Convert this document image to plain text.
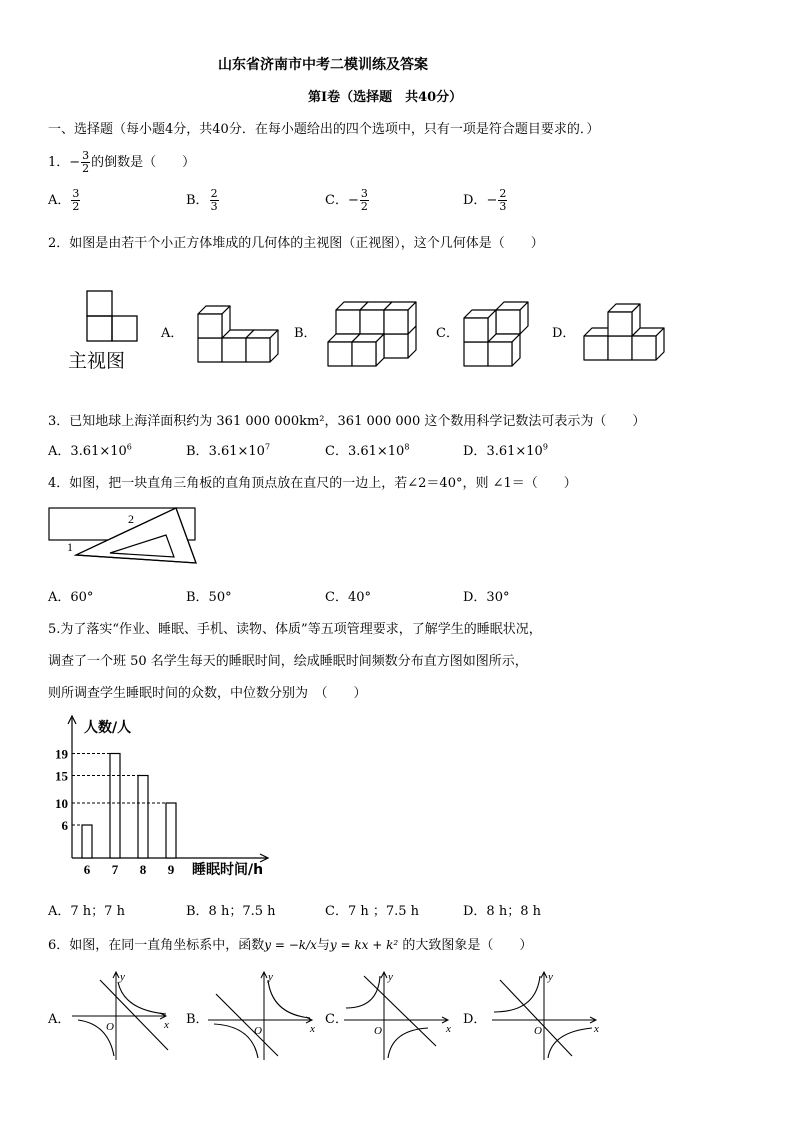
山东省济南市中考二模训练及答案
第Ⅰ卷（选择题　共40分）
一、选择题（每小题4分，共40分．在每小题给出的四个选项中，只有一项是符合题目要求的．）
1．− $\frac{3}{2}$ 的倒数是（　　）
A． $\frac{3}{2}$	B． $\frac{2}{3}$	C．− $\frac{3}{2}$	D．− $\frac{2}{3}$
2．如图是由若干个小正方体堆成的几何体的主视图（正视图），这个几何体是（　　）
主视图
A．	B．	C．	D．
3．已知地球上海洋面积约为 361 000 000km²，361 000 000 这个数用科学记数法可表示为（　　）
A．$3.61\times 10^6$	B．$3.61\times 10^7$	C．$3.61\times 10^8$	D．$3.61\times 10^9$
4．如图，把一块直角三角板的直角顶点放在直尺的一边上，若∠2＝40°，则 ∠1＝（　　）
2
1
A．60°	B．50°	C．40°	D．30°
5.为了落实“作业、睡眠、手机、读物、体质”等五项管理要求，了解学生的睡眠状况，
调查了一个班 50 名学生每天的睡眠时间，绘成睡眠时间频数分布直方图如图所示，
则所调查学生睡眠时间的众数，中位数分别为　（　　）
人数/人
睡眠时间/h
6 7 8 9
6
10
15
19
A．7 h；7 h	B．8 h；7.5 h	C．7 h ；7.5 h	D．8 h；8 h
6．如图，在同一直角坐标系中，函数y = −k/x与y = kx + k² 的大致图象是（　　）
A．	B．	C．	D．
x
y
O	x
y
O	x
y
O	x
y
O
